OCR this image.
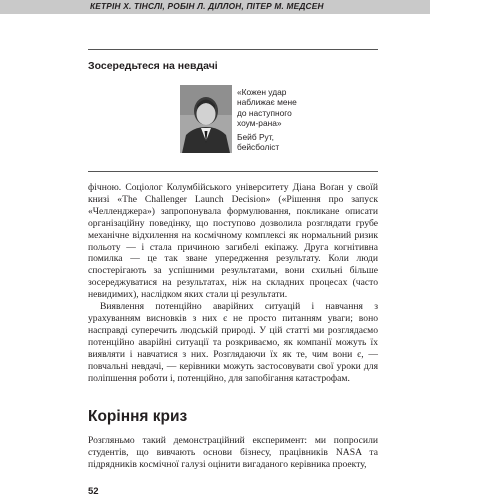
КЕТРІН Х. ТІНСЛІ, РОБІН Л. ДІЛЛОН, ПІТЕР М. МЕДСЕН
Зосередьтеся на невдачі

«Кожен удар

наближає мене

до наступного

хоум-рана»

Бейб Рут,

бейсболіст

фічною. Соціолог Колумбійського університету Діана Воґан у своїй книзі «The Challenger Launch Decision» («Рішення про запуск «Челленджера») запропонувала формулювання, покликане описати організаційну поведінку, що поступово дозволила розглядати грубе механічне відхилення на космічному комплексі як нормальний ризик польоту — і стала причиною загибелі екіпажу. Друга когнітивна помилка — це так зване упередження результату. Коли люди спостерігають за успішними результатами, вони схильні більше зосереджуватися на результатах, ніж на складних процесах (часто невидимих), наслідком яких стали ці результати.

Виявлення потенційно аварійних ситуацій і навчання з урахуванням висновків з них є не просто питанням уваги; воно насправді суперечить людській природі. У цій статті ми розглядаємо потенційно аварійні ситуації та розкриваємо, як компанії можуть їх виявляти і навчатися з них. Розглядаючи їх як те, чим вони є, — повчальні невдачі, — керівники можуть застосовувати свої уроки для поліпшення роботи і, потенційно, для запобігання катастрофам.

Коріння криз

Розгляньмо такий демонстраційний експеримент: ми попросили студентів, що вивчають основи бізнесу, працівників NASA та підрядників космічної галузі оцінити вигаданого керівника проекту,

52
